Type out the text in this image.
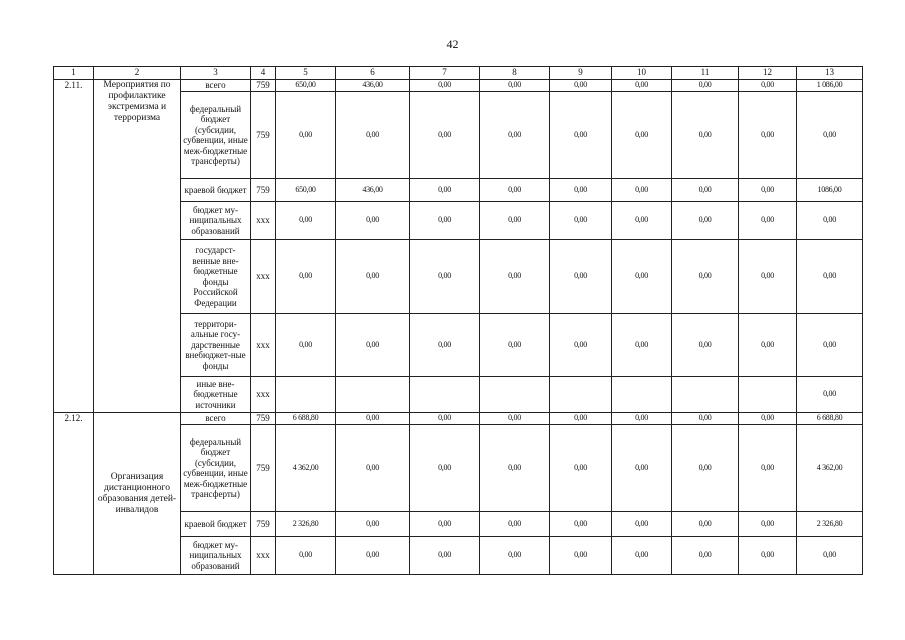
42
1	2	3	4	5	6	7	8	9	10	11	12	13
2.11.	Мероприятия по профилактике экстремизма и терроризма	всего	759	650,00	436,00	0,00	0,00	0,00	0,00	0,00	0,00	1 086,00
		федеральный бюджет (субсидии, субвенции, иные меж-бюджетные трансферты)	759	0,00	0,00	0,00	0,00	0,00	0,00	0,00	0,00	0,00
		краевой бюджет	759	650,00	436,00	0,00	0,00	0,00	0,00	0,00	0,00	1086,00
		бюджет му-ниципальных образований	ххх	0,00	0,00	0,00	0,00	0,00	0,00	0,00	0,00	0,00
		государст-венные вне-бюджетные фонды Российской Федерации	ххх	0,00	0,00	0,00	0,00	0,00	0,00	0,00	0,00	0,00
		территори-альные госу-дарственные внебюджет-ные фонды	ххх	0,00	0,00	0,00	0,00	0,00	0,00	0,00	0,00	0,00
		иные вне-бюджетные источники	ххх									0,00
2.12.	Организация дистанционного образования детей-инвалидов	всего	759	6 688,80	0,00	0,00	0,00	0,00	0,00	0,00	0,00	6 688,80
		федеральный бюджет (субсидии, субвенции, иные меж-бюджетные трансферты)	759	4 362,00	0,00	0,00	0,00	0,00	0,00	0,00	0,00	4 362,00
		краевой бюджет	759	2 326,80	0,00	0,00	0,00	0,00	0,00	0,00	0,00	2 326,80
		бюджет му-ниципальных образований	ххх	0,00	0,00	0,00	0,00	0,00	0,00	0,00	0,00	0,00
